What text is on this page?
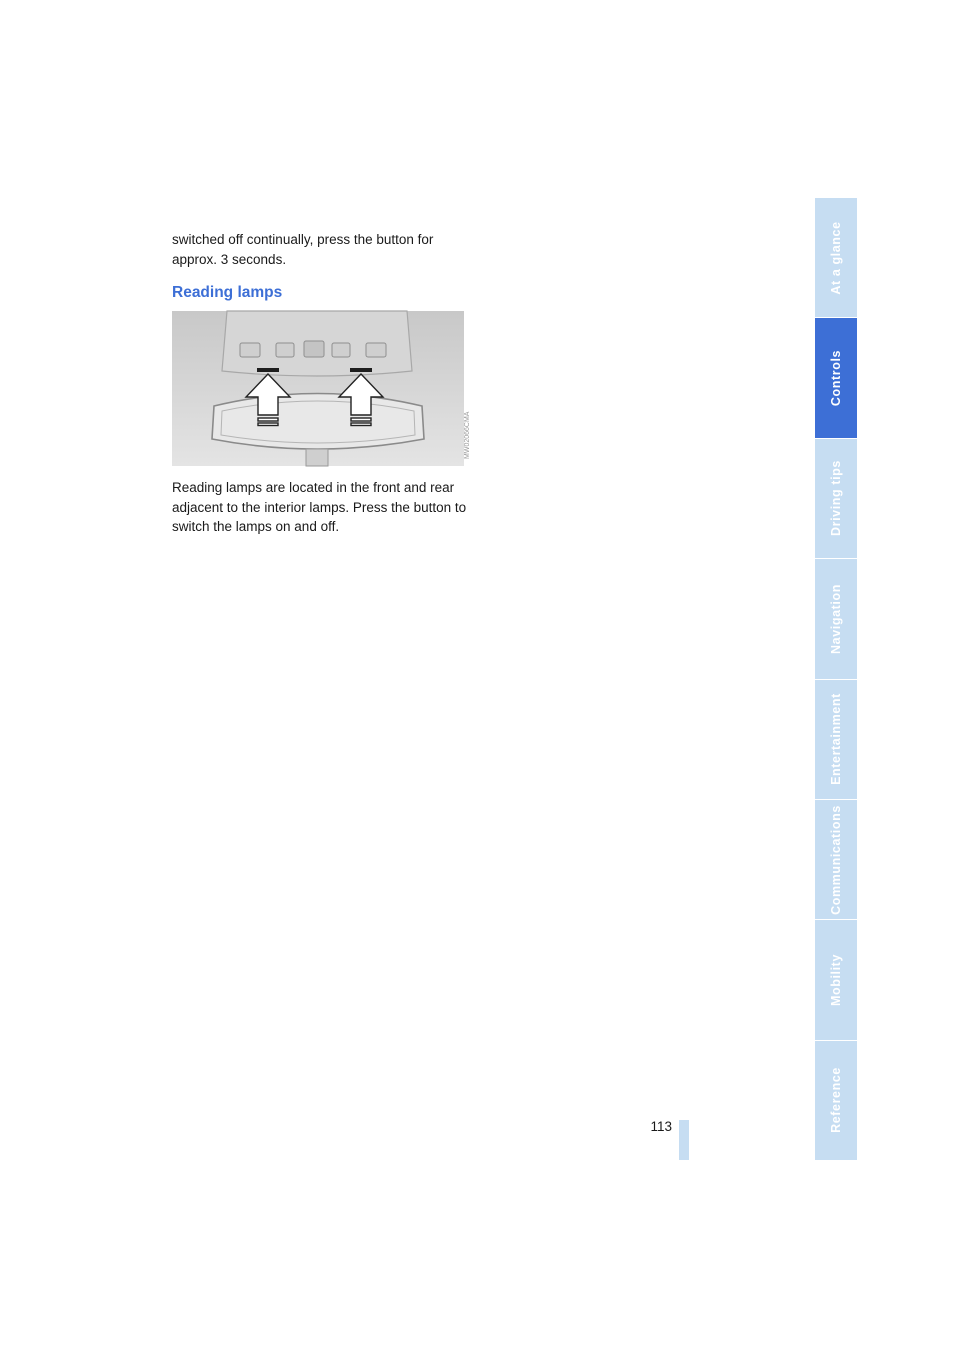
switched off continually, press the button for approx. 3 seconds.

Reading lamps
MW02066CMA

Reading lamps are located in the front and rear adjacent to the interior lamps. Press the button to switch the lamps on and off.

113
At a glance
Controls
Driving tips
Navigation
Entertainment
Communications
Mobility
Reference
